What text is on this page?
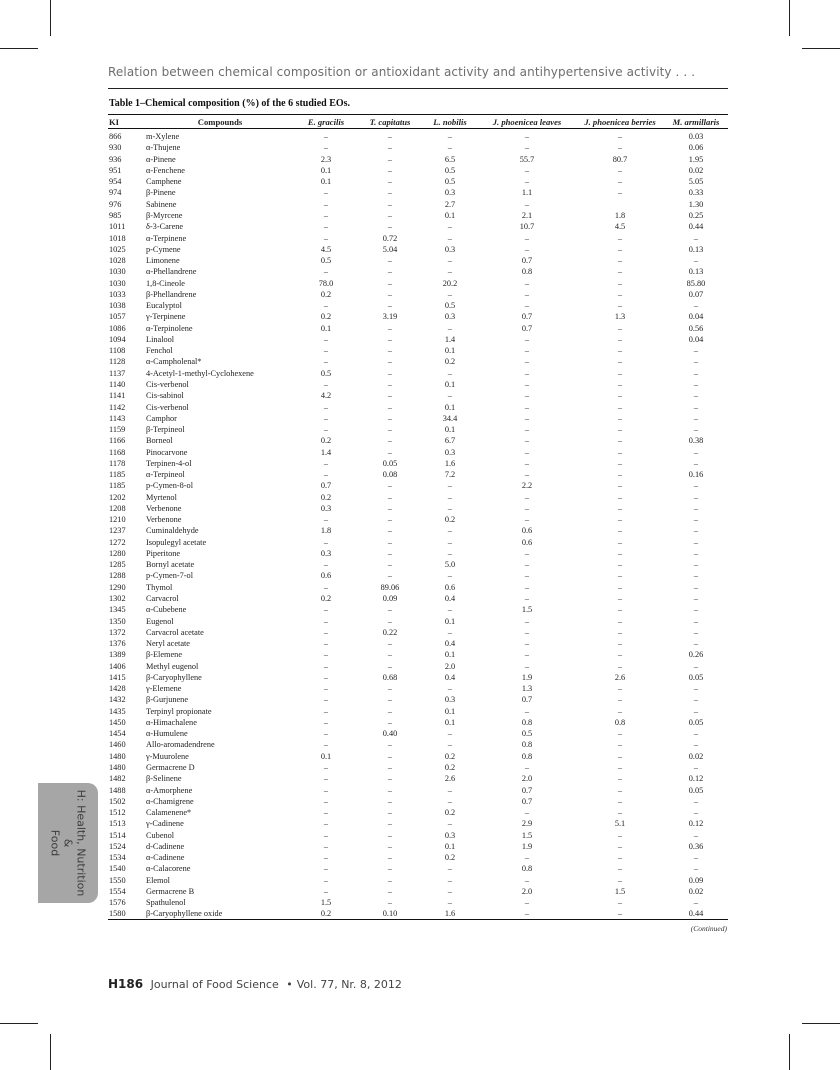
Relation between chemical composition or antioxidant activity and antihypertensive activity . . .
Table 1–Chemical composition (%) of the 6 studied EOs.
KI	Compounds	E. gracilis	T. capitatus	L. nobilis	J. phoenicea leaves	J. phoenicea berries	M. armillaris
866	m-Xylene	–	–	–	–	–	0.03
930	α-Thujene	–	–	–	–	–	0.06
936	α-Pinene	2.3	–	6.5	55.7	80.7	1.95
951	α-Fenchene	0.1	–	0.5	–	–	0.02
954	Camphene	0.1	–	0.5	–	–	5.05
974	β-Pinene	–	–	0.3	1.1	–	0.33
976	Sabinene	–	–	2.7	–		1.30
985	β-Myrcene	–	–	0.1	2.1	1.8	0.25
1011	δ-3-Carene	–	–	–	10.7	4.5	0.44
1018	α-Terpinene	–	0.72	–	–	–	–
1025	p-Cymene	4.5	5.04	0.3	–	–	0.13
1028	Limonene	0.5	–	–	0.7	–	–
1030	α-Phellandrene	–	–	–	0.8	–	0.13
1030	1,8-Cineole	78.0	–	20.2	–	–	85.80
1033	β-Phellandrene	0.2	–	–	–	–	0.07
1038	Eucalyptol	–	–	0.5	–	–	–
1057	γ-Terpinene	0.2	3.19	0.3	0.7	1.3	0.04
1086	α-Terpinolene	0.1	–	–	0.7	–	0.56
1094	Linalool	–	–	1.4	–	–	0.04
1108	Fenchol	–	–	0.1	–	–	–
1128	α-Campholenal*	–	–	0.2	–	–	–
1137	4-Acetyl-1-methyl-Cyclohexene	0.5	–	–	–	–	–
1140	Cis-verbenol	–	–	0.1	–	–	–
1141	Cis-sabinol	4.2	–	–	–	–	–
1142	Cis-verbenol	–	–	0.1	–	–	–
1143	Camphor	–	–	34.4	–	–	–
1159	β-Terpineol	–	–	0.1	–	–	–
1166	Borneol	0.2	–	6.7	–	–	0.38
1168	Pinocarvone	1.4	–	0.3	–	–	–
1178	Terpinen-4-ol	–	0.05	1.6	–	–	–
1185	α-Terpineol	–	0.08	7.2	–	–	0.16
1185	p-Cymen-8-ol	0.7	–	–	2.2	–	–
1202	Myrtenol	0.2	–	–	–	–	–
1208	Verbenone	0.3	–	–	–	–	–
1210	Verbenone	–	–	0.2	–	–	–
1237	Cuminaldehyde	1.8	–	–	0.6	–	–
1272	Isopulegyl acetate	–	–	–	0.6	–	–
1280	Piperitone	0.3	–	–	–	–	–
1285	Bornyl acetate	–	–	5.0	–	–	–
1288	p-Cymen-7-ol	0.6	–	–	–	–	–
1290	Thymol	–	89.06	0.6	–	–	–
1302	Carvacrol	0.2	0.09	0.4	–	–	–
1345	α-Cubebene	–	–	–	1.5	–	–
1350	Eugenol	–	–	0.1	–	–	–
1372	Carvacrol acetate	–	0.22	–	–	–	–
1376	Neryl acetate	–	–	0.4	–	–	–
1389	β-Elemene	–	–	0.1	–	–	0.26
1406	Methyl eugenol	–	–	2.0	–	–	–
1415	β-Caryophyllene	–	0.68	0.4	1.9	2.6	0.05
1428	γ-Elemene	–	–	–	1.3	–	–
1432	β-Gurjunene	–	–	0.3	0.7	–	–
1435	Terpinyl propionate	–	–	0.1	–	–	–
1450	α-Himachalene	–	–	0.1	0.8	0.8	0.05
1454	α-Humulene	–	0.40	–	0.5	–	–
1460	Allo-aromadendrene	–	–	–	0.8	–	–
1480	γ-Muurolene	0.1	–	0.2	0.8	–	0.02
1480	Germacrene D	–	–	0.2	–	–	–
1482	β-Selinene	–	–	2.6	2.0	–	0.12
1488	α-Amorphene	–	–	–	0.7	–	0.05
1502	α-Chamigrene	–	–	–	0.7	–	–
1512	Calamenene*	–	–	0.2	–	–	–
1513	γ-Cadinene	–	–	–	2.9	5.1	0.12
1514	Cubenol	–	–	0.3	1.5	–	–
1524	d-Cadinene	–	–	0.1	1.9	–	0.36
1534	α-Cadinene	–	–	0.2	–	–	–
1540	α-Calacorene	–	–	–	0.8	–	–
1550	Elemol	–	–	–	–	–	0.09
1554	Germacrene B	–	–	–	2.0	1.5	0.02
1576	Spathulenol	1.5	–	–	–	–	–
1580	β-Caryophyllene oxide	0.2	0.10	1.6	–	–	0.44
(Continued)
H: Health, Nutrition &
Food
H186 Journal of Food Science • Vol. 77, Nr. 8, 2012
